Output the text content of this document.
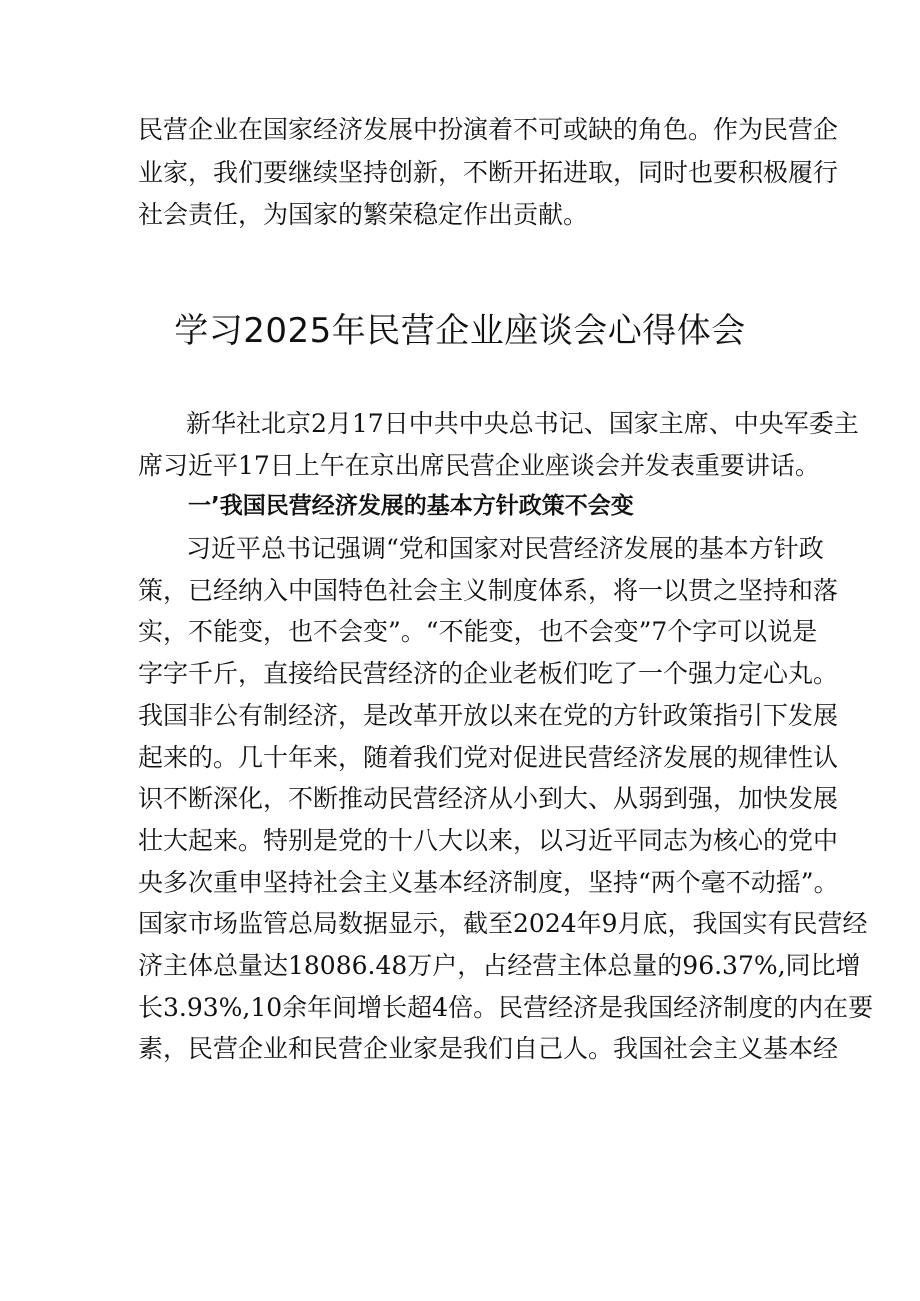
民营企业在国家经济发展中扮演着不可或缺的角色。作为民营企
业家，我们要继续坚持创新，不断开拓进取，同时也要积极履行
社会责任，为国家的繁荣稳定作出贡献。
学习2025年民营企业座谈会心得体会
新华社北京2月17日中共中央总书记、国家主席、中央军委主
席习近平17日上午在京出席民营企业座谈会并发表重要讲话。
一’我国民营经济发展的基本方针政策不会变
习近平总书记强调“党和国家对民营经济发展的基本方针政
策，已经纳入中国特色社会主义制度体系，将一以贯之坚持和落
实，不能变，也不会变”。“不能变，也不会变”7个字可以说是
字字千斤，直接给民营经济的企业老板们吃了一个强力定心丸。
我国非公有制经济，是改革开放以来在党的方针政策指引下发展
起来的。几十年来，随着我们党对促进民营经济发展的规律性认
识不断深化，不断推动民营经济从小到大、从弱到强，加快发展
壮大起来。特别是党的十八大以来，以习近平同志为核心的党中
央多次重申坚持社会主义基本经济制度，坚持“两个毫不动摇”。
国家市场监管总局数据显示，截至2024年9月底，我国实有民营经
济主体总量达18086.48万户，占经营主体总量的96.37%,同比增
长3.93%,10余年间增长超4倍。民营经济是我国经济制度的内在要
素，民营企业和民营企业家是我们自己人。我国社会主义基本经
